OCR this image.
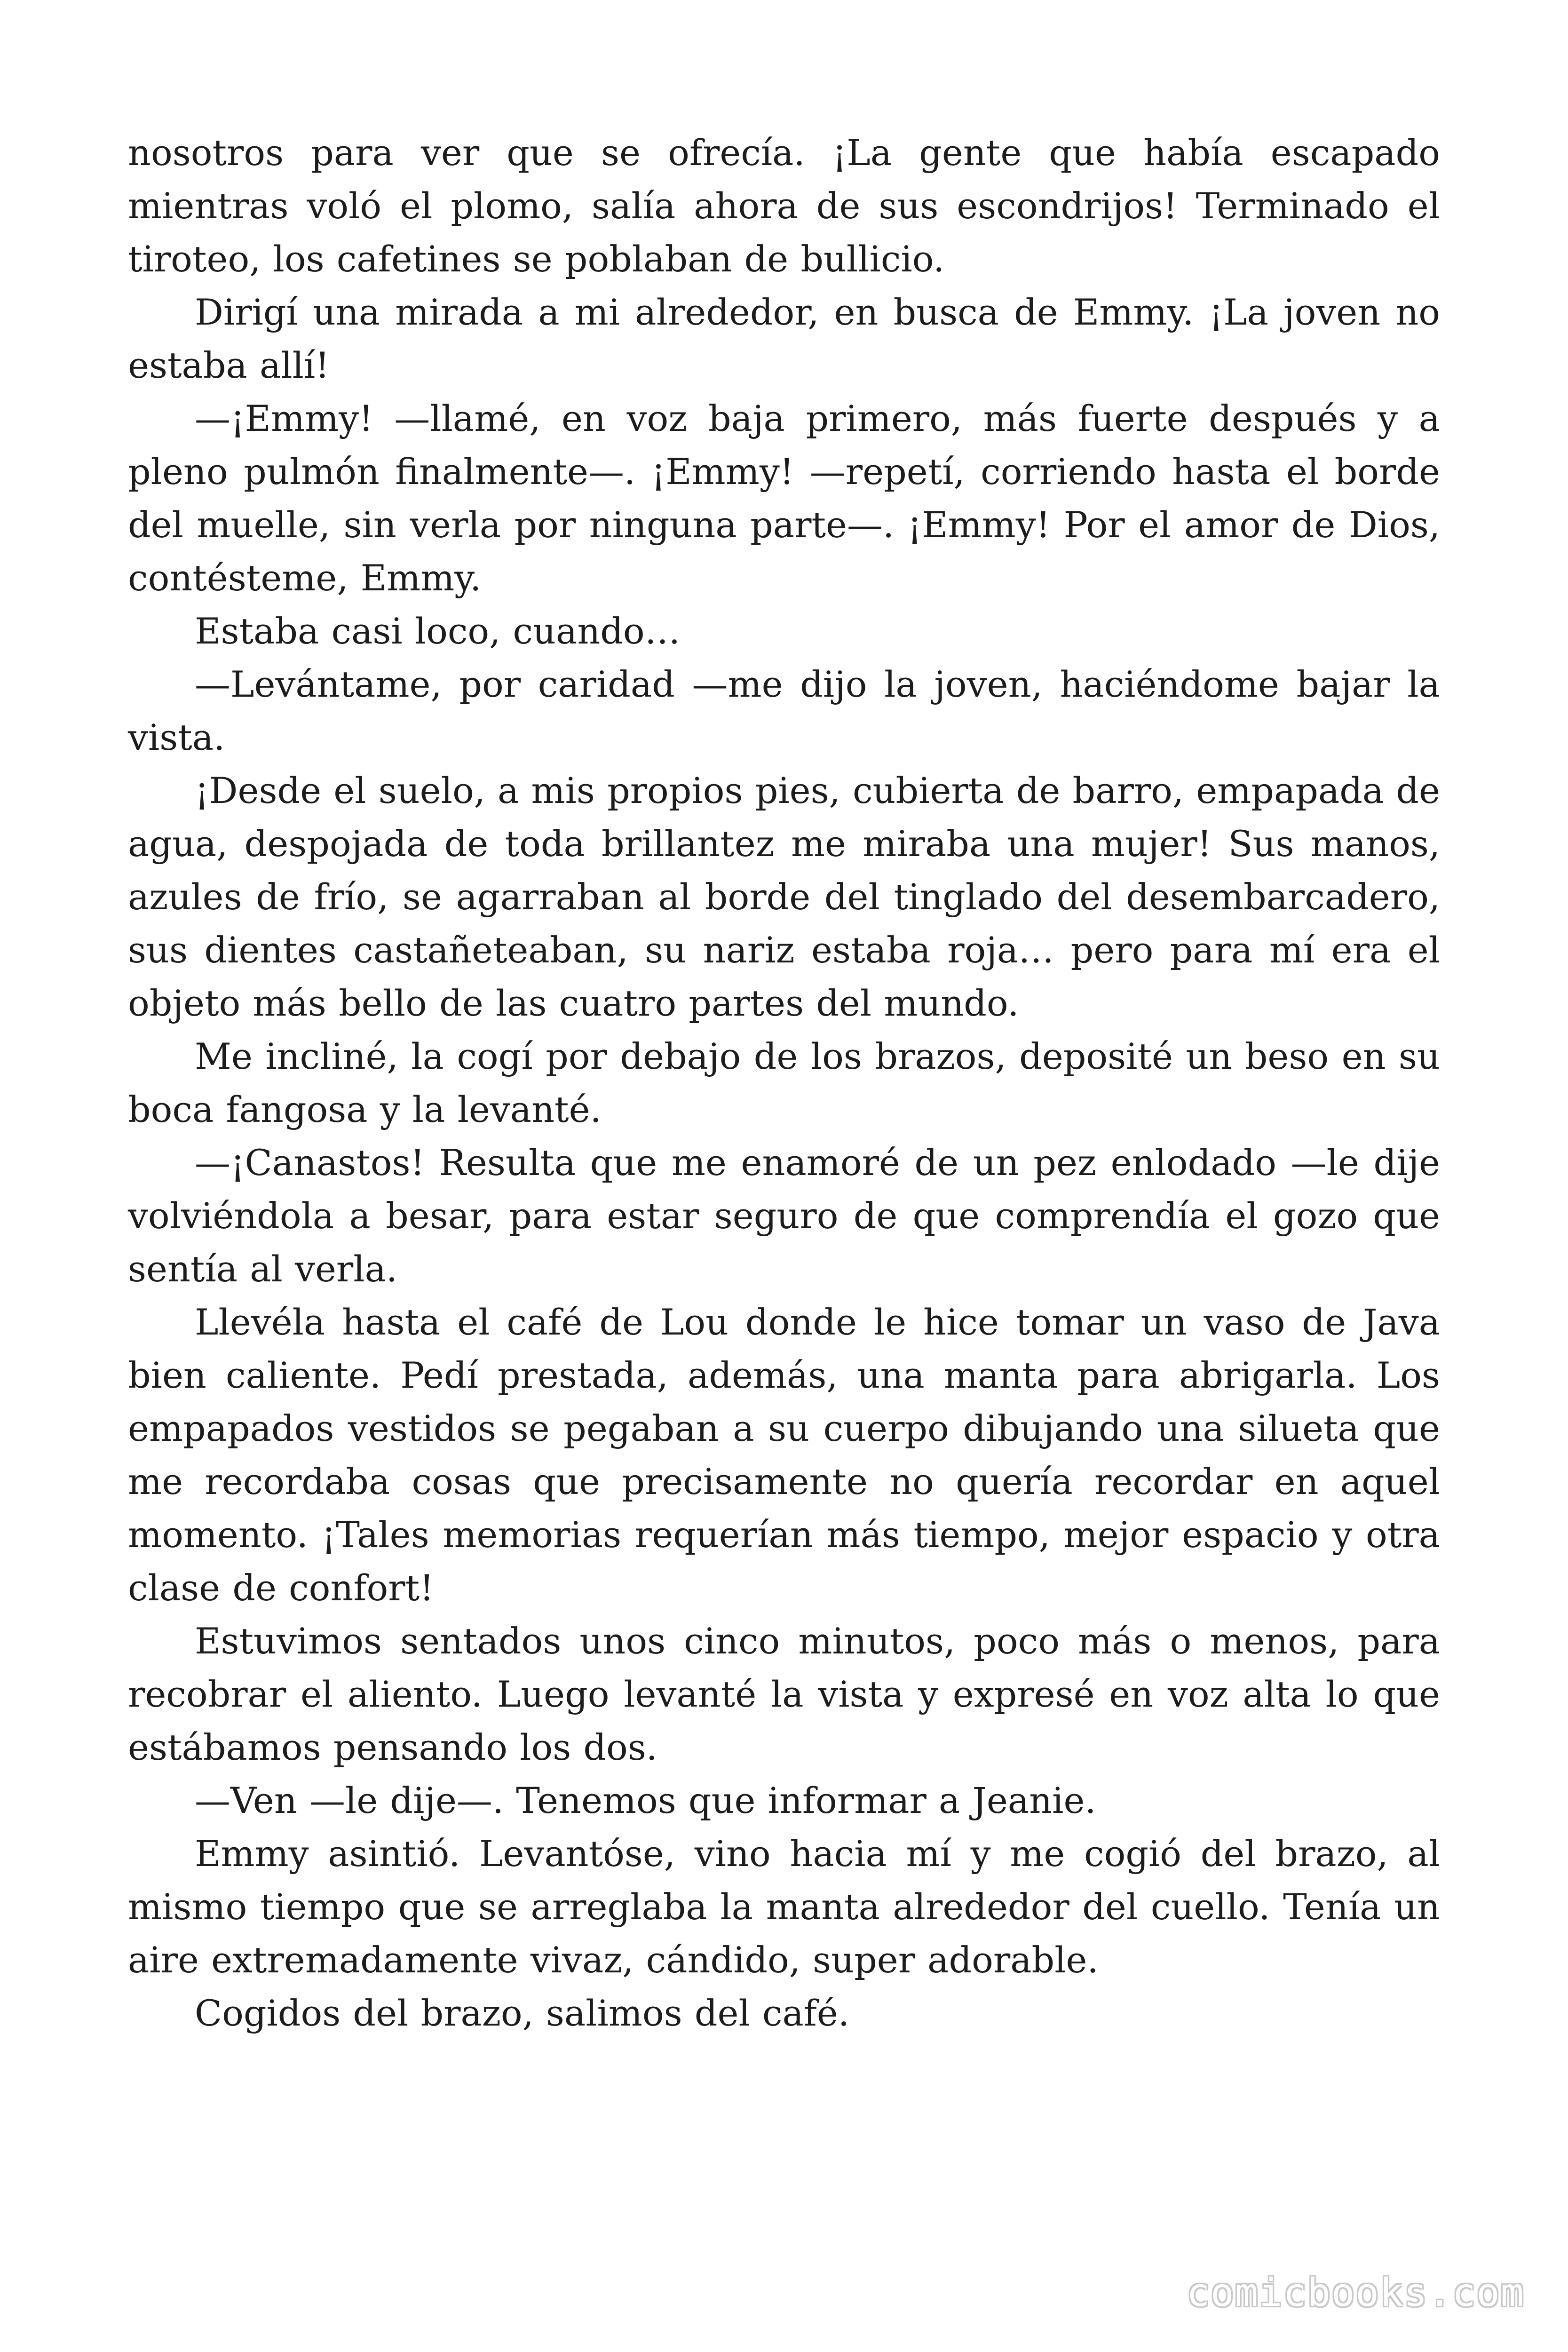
nosotros para ver que se ofrecía. ¡La gente que había escapado mientras voló el plomo, salía ahora de sus escondrijos! Terminado el tiroteo, los cafetines se poblaban de bullicio.

Dirigí una mirada a mi alrededor, en busca de Emmy. ¡La joven no estaba allí!

—¡Emmy! —llamé, en voz baja primero, más fuerte después y a pleno pulmón finalmente—. ¡Emmy! —repetí, corriendo hasta el borde del muelle, sin verla por ninguna parte—. ¡Emmy! Por el amor de Dios, contésteme, Emmy.

Estaba casi loco, cuando…

—Levántame, por caridad —me dijo la joven, haciéndome bajar la vista.

¡Desde el suelo, a mis propios pies, cubierta de barro, empapada de agua, despojada de toda brillantez me miraba una mujer! Sus manos, azules de frío, se agarraban al borde del tinglado del desembarcadero, sus dientes castañeteaban, su nariz estaba roja… pero para mí era el objeto más bello de las cuatro partes del mundo.

Me incliné, la cogí por debajo de los brazos, deposité un beso en su boca fangosa y la levanté.

—¡Canastos! Resulta que me enamoré de un pez enlodado —le dije volviéndola a besar, para estar seguro de que comprendía el gozo que sentía al verla.

Llevéla hasta el café de Lou donde le hice tomar un vaso de Java bien caliente. Pedí prestada, además, una manta para abrigarla. Los empapados vestidos se pegaban a su cuerpo dibujando una silueta que me recordaba cosas que precisamente no quería recordar en aquel momento. ¡Tales memorias requerían más tiempo, mejor espacio y otra clase de confort!

Estuvimos sentados unos cinco minutos, poco más o menos, para recobrar el aliento. Luego levanté la vista y expresé en voz alta lo que estábamos pensando los dos.

—Ven —le dije—. Tenemos que informar a Jeanie.

Emmy asintió. Levantóse, vino hacia mí y me cogió del brazo, al mismo tiempo que se arreglaba la manta alrededor del cuello. Tenía un aire extremadamente vivaz, cándido, super adorable.

Cogidos del brazo, salimos del café.

comicbooks.com
